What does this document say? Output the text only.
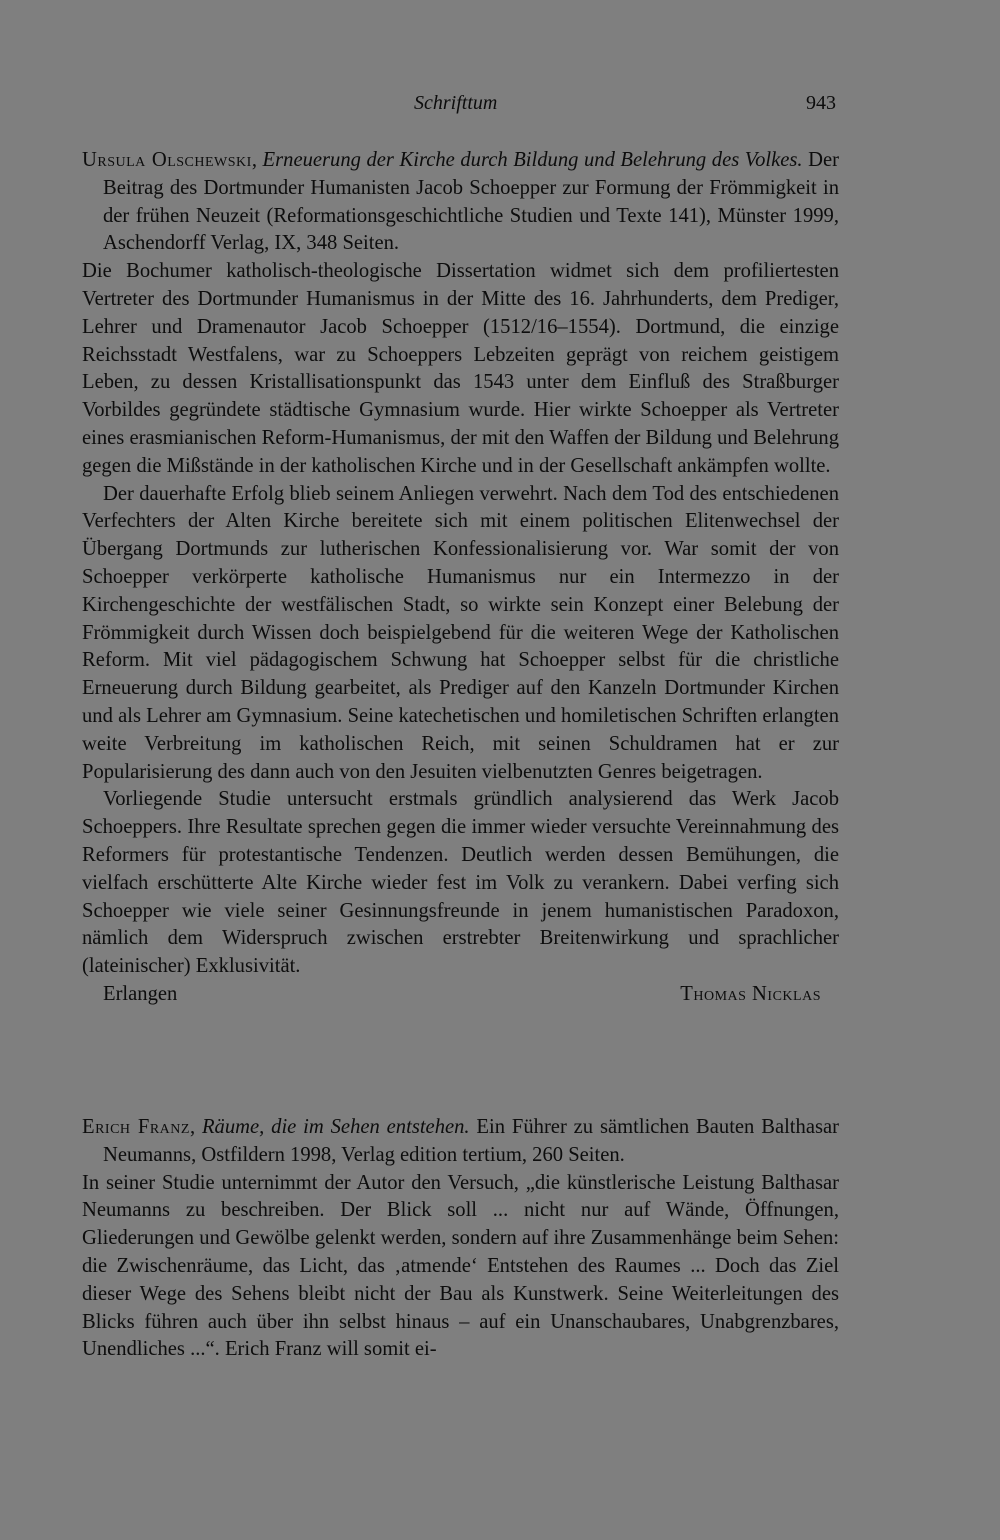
Schrifttum	943

Ursula Olschewski, Erneuerung der Kirche durch Bildung und Belehrung des Volkes. Der Beitrag des Dortmunder Humanisten Jacob Schoepper zur Formung der Frömmigkeit in der frühen Neuzeit (Reformationsgeschichtliche Studien und Texte 141), Münster 1999, Aschendorff Verlag, IX, 348 Seiten.

Die Bochumer katholisch-theologische Dissertation widmet sich dem profiliertesten Vertreter des Dortmunder Humanismus in der Mitte des 16. Jahrhunderts, dem Prediger, Lehrer und Dramenautor Jacob Schoepper (1512/16–1554). Dortmund, die einzige Reichsstadt Westfalens, war zu Schoeppers Lebzeiten geprägt von reichem geistigem Leben, zu dessen Kristallisationspunkt das 1543 unter dem Einfluß des Straßburger Vorbildes gegründete städtische Gymnasium wurde. Hier wirkte Schoepper als Vertreter eines erasmianischen Reform-Humanismus, der mit den Waffen der Bildung und Belehrung gegen die Mißstände in der katholischen Kirche und in der Gesellschaft ankämpfen wollte.

Der dauerhafte Erfolg blieb seinem Anliegen verwehrt. Nach dem Tod des entschiedenen Verfechters der Alten Kirche bereitete sich mit einem politischen Elitenwechsel der Übergang Dortmunds zur lutherischen Konfessionalisierung vor. War somit der von Schoepper verkörperte katholische Humanismus nur ein Intermezzo in der Kirchengeschichte der westfälischen Stadt, so wirkte sein Konzept einer Belebung der Frömmigkeit durch Wissen doch beispielgebend für die weiteren Wege der Katholischen Reform. Mit viel pädagogischem Schwung hat Schoepper selbst für die christliche Erneuerung durch Bildung gearbeitet, als Prediger auf den Kanzeln Dortmunder Kirchen und als Lehrer am Gymnasium. Seine katechetischen und homiletischen Schriften erlangten weite Verbreitung im katholischen Reich, mit seinen Schuldramen hat er zur Popularisierung des dann auch von den Jesuiten vielbenutzten Genres beigetragen.

Vorliegende Studie untersucht erstmals gründlich analysierend das Werk Jacob Schoeppers. Ihre Resultate sprechen gegen die immer wieder versuchte Vereinnahmung des Reformers für protestantische Tendenzen. Deutlich werden dessen Bemühungen, die vielfach erschütterte Alte Kirche wieder fest im Volk zu verankern. Dabei verfing sich Schoepper wie viele seiner Gesinnungsfreunde in jenem humanistischen Paradoxon, nämlich dem Widerspruch zwischen erstrebter Breitenwirkung und sprachlicher (lateinischer) Exklusivität.

Erlangen	Thomas Nicklas

Erich Franz, Räume, die im Sehen entstehen. Ein Führer zu sämtlichen Bauten Balthasar Neumanns, Ostfildern 1998, Verlag edition tertium, 260 Seiten.

In seiner Studie unternimmt der Autor den Versuch, „die künstlerische Leistung Balthasar Neumanns zu beschreiben. Der Blick soll ... nicht nur auf Wände, Öffnungen, Gliederungen und Gewölbe gelenkt werden, sondern auf ihre Zusammenhänge beim Sehen: die Zwischenräume, das Licht, das ‚atmende‘ Entstehen des Raumes ... Doch das Ziel dieser Wege des Sehens bleibt nicht der Bau als Kunstwerk. Seine Weiterleitungen des Blicks führen auch über ihn selbst hinaus – auf ein Unanschaubares, Unabgrenzbares, Unendliches ...“. Erich Franz will somit ei-
